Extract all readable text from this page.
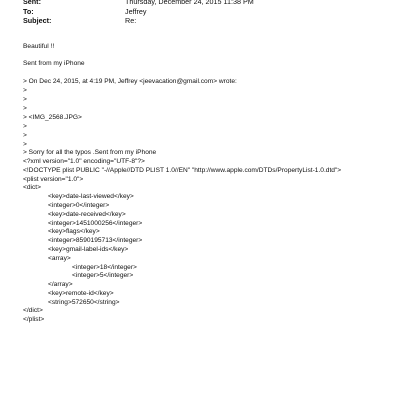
Sent:	Thursday, December 24, 2015 11:38 PM
To:	Jeffrey
Subject:	Re:
Beautiful !!
Sent from my iPhone
> On Dec 24, 2015, at 4:19 PM, Jeffrey <jeevacation@gmail.com> wrote:
>
>
>
> <IMG_2568.JPG>
>
>
>
> Sorry for all the typos .Sent from my iPhone
<?xml version="1.0" encoding="UTF-8"?>
<!DOCTYPE plist PUBLIC "-//Apple//DTD PLIST 1.0//EN" "http://www.apple.com/DTDs/PropertyList-1.0.dtd">
<plist version="1.0">
<dict>
<key>date-last-viewed</key>
<integer>0</integer>
<key>date-received</key>
<integer>1451000256</integer>
<key>flags</key>
<integer>8590195713</integer>
<key>gmail-label-ids</key>
<array>
<integer>18</integer>
<integer>5</integer>
</array>
<key>remote-id</key>
<string>572650</string>
</dict>
</plist>
